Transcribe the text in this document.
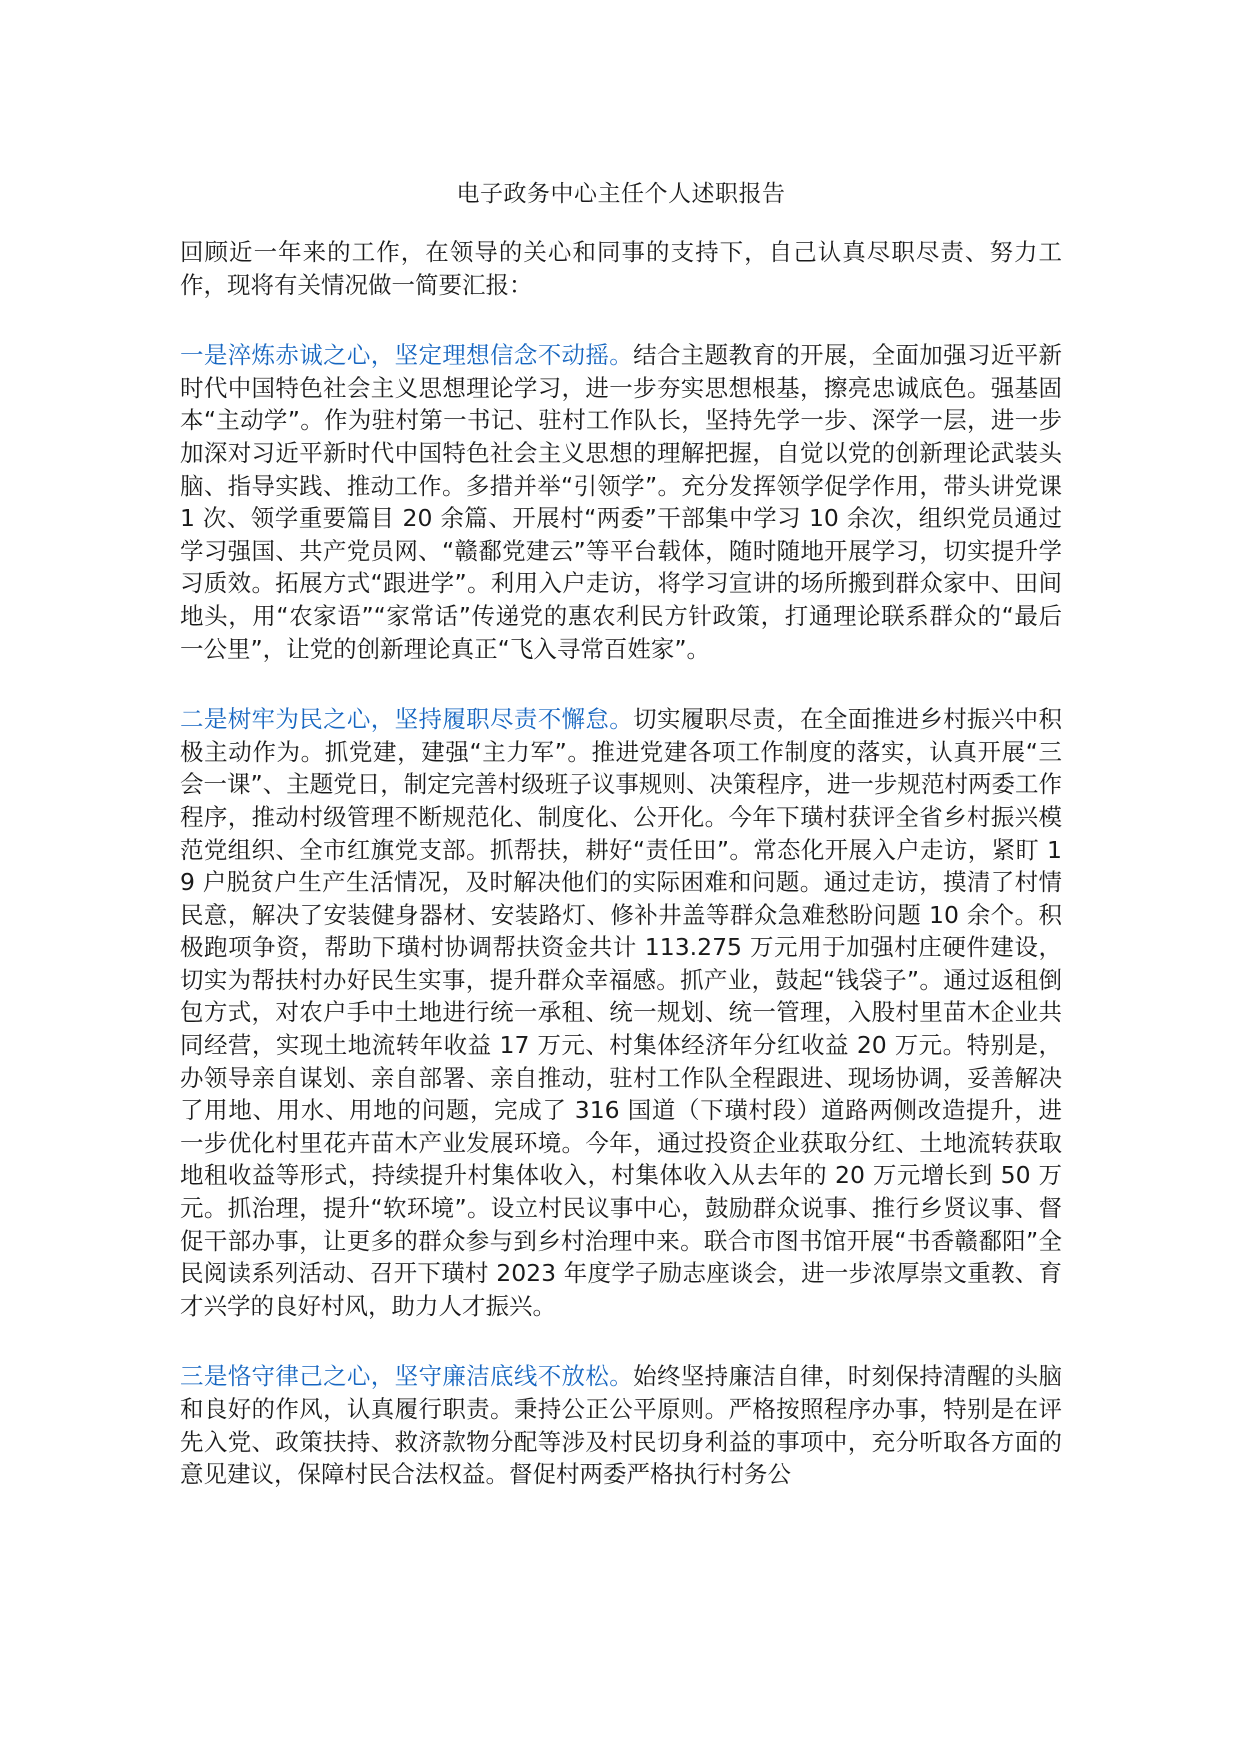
电子政务中心主任个人述职报告

回顾近一年来的工作，在领导的关心和同事的支持下，自己认真尽职尽责、努力工作，现将有关情况做一简要汇报：

一是淬炼赤诚之心，坚定理想信念不动摇。结合主题教育的开展，全面加强习近平新时代中国特色社会主义思想理论学习，进一步夯实思想根基，擦亮忠诚底色。强基固本“主动学”。作为驻村第一书记、驻村工作队长，坚持先学一步、深学一层，进一步加深对习近平新时代中国特色社会主义思想的理解把握，自觉以党的创新理论武装头脑、指导实践、推动工作。多措并举“引领学”。充分发挥领学促学作用，带头讲党课 1 次、领学重要篇目 20 余篇、开展村“两委”干部集中学习 10 余次，组织党员通过学习强国、共产党员网、“赣鄱党建云”等平台载体，随时随地开展学习，切实提升学习质效。拓展方式“跟进学”。利用入户走访，将学习宣讲的场所搬到群众家中、田间地头，用“农家语”“家常话”传递党的惠农利民方针政策，打通理论联系群众的“最后一公里”，让党的创新理论真正“飞入寻常百姓家”。

二是树牢为民之心，坚持履职尽责不懈怠。切实履职尽责，在全面推进乡村振兴中积极主动作为。抓党建，建强“主力军”。推进党建各项工作制度的落实，认真开展“三会一课”、主题党日，制定完善村级班子议事规则、决策程序，进一步规范村两委工作程序，推动村级管理不断规范化、制度化、公开化。今年下璜村获评全省乡村振兴模范党组织、全市红旗党支部。抓帮扶，耕好“责任田”。常态化开展入户走访，紧盯 19 户脱贫户生产生活情况，及时解决他们的实际困难和问题。通过走访，摸清了村情民意，解决了安装健身器材、安装路灯、修补井盖等群众急难愁盼问题 10 余个。积极跑项争资，帮助下璜村协调帮扶资金共计 113.275 万元用于加强村庄硬件建设，切实为帮扶村办好民生实事，提升群众幸福感。抓产业，鼓起“钱袋子”。通过返租倒包方式，对农户手中土地进行统一承租、统一规划、统一管理，入股村里苗木企业共同经营，实现土地流转年收益 17 万元、村集体经济年分红收益 20 万元。特别是，办领导亲自谋划、亲自部署、亲自推动，驻村工作队全程跟进、现场协调，妥善解决了用地、用水、用地的问题，完成了 316 国道（下璜村段）道路两侧改造提升，进一步优化村里花卉苗木产业发展环境。今年，通过投资企业获取分红、土地流转获取地租收益等形式，持续提升村集体收入，村集体收入从去年的 20 万元增长到 50 万元。抓治理，提升“软环境”。设立村民议事中心，鼓励群众说事、推行乡贤议事、督促干部办事，让更多的群众参与到乡村治理中来。联合市图书馆开展“书香赣鄱阳”全民阅读系列活动、召开下璜村 2023 年度学子励志座谈会，进一步浓厚崇文重教、育才兴学的良好村风，助力人才振兴。

三是恪守律己之心，坚守廉洁底线不放松。始终坚持廉洁自律，时刻保持清醒的头脑和良好的作风，认真履行职责。秉持公正公平原则。严格按照程序办事，特别是在评先入党、政策扶持、救济款物分配等涉及村民切身利益的事项中，充分听取各方面的意见建议，保障村民合法权益。督促村两委严格执行村务公
